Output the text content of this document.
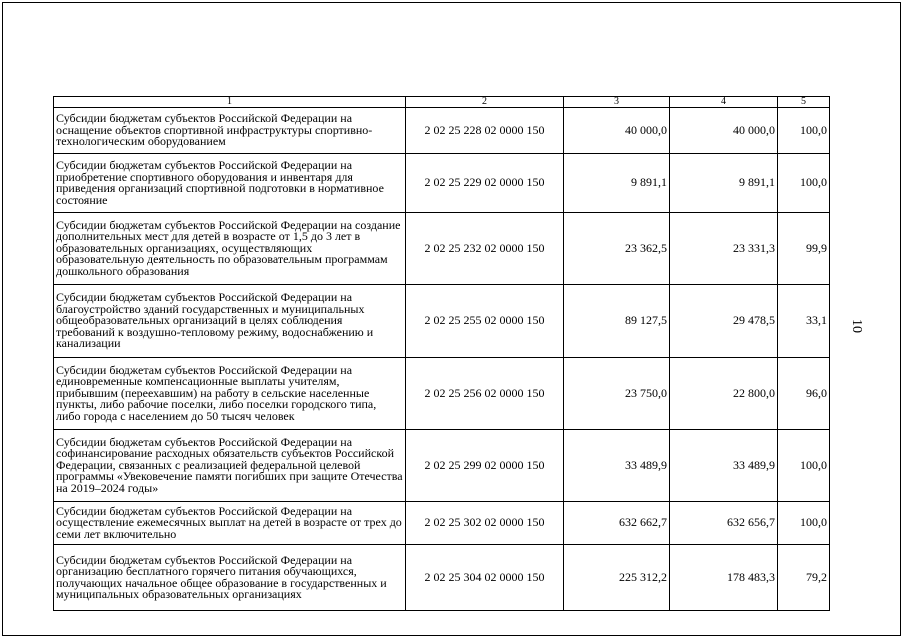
1	2	3	4	5
Субсидии бюджетам субъектов Российской Федерации на оснащение объектов спортивной инфраструктуры спортивно-технологическим оборудованием	2 02 25 228 02 0000 150	40 000,0	40 000,0	100,0
Субсидии бюджетам субъектов Российской Федерации на приобретение спортивного оборудования и инвентаря для приведения организаций спортивной подготовки в нормативное состояние	2 02 25 229 02 0000 150	9 891,1	9 891,1	100,0
Субсидии бюджетам субъектов Российской Федерации на создание дополнительных мест для детей в возрасте от 1,5 до 3 лет в образовательных организациях, осуществляющих образовательную деятельность по образовательным программам дошкольного образования	2 02 25 232 02 0000 150	23 362,5	23 331,3	99,9
Субсидии бюджетам субъектов Российской Федерации на благоустройство зданий государственных и муниципальных общеобразовательных организаций в целях соблюдения требований к воздушно-тепловому режиму, водоснабжению и канализации	2 02 25 255 02 0000 150	89 127,5	29 478,5	33,1
Субсидии бюджетам субъектов Российской Федерации на единовременные компенсационные выплаты учителям, прибывшим (переехавшим) на работу в сельские населенные пункты, либо рабочие поселки, либо поселки городского типа, либо города с населением до 50 тысяч человек	2 02 25 256 02 0000 150	23 750,0	22 800,0	96,0
Субсидии бюджетам субъектов Российской Федерации на софинансирование расходных обязательств субъектов Российской Федерации, связанных с реализацией федеральной целевой программы «Увековечение памяти погибших при защите Отечества на 2019–2024 годы»	2 02 25 299 02 0000 150	33 489,9	33 489,9	100,0
Субсидии бюджетам субъектов Российской Федерации на осуществление ежемесячных выплат на детей в возрасте от трех до семи лет включительно	2 02 25 302 02 0000 150	632 662,7	632 656,7	100,0
Субсидии бюджетам субъектов Российской Федерации на организацию бесплатного горячего питания обучающихся, получающих начальное общее образование в государственных и муниципальных образовательных организациях	2 02 25 304 02 0000 150	225 312,2	178 483,3	79,2
10
